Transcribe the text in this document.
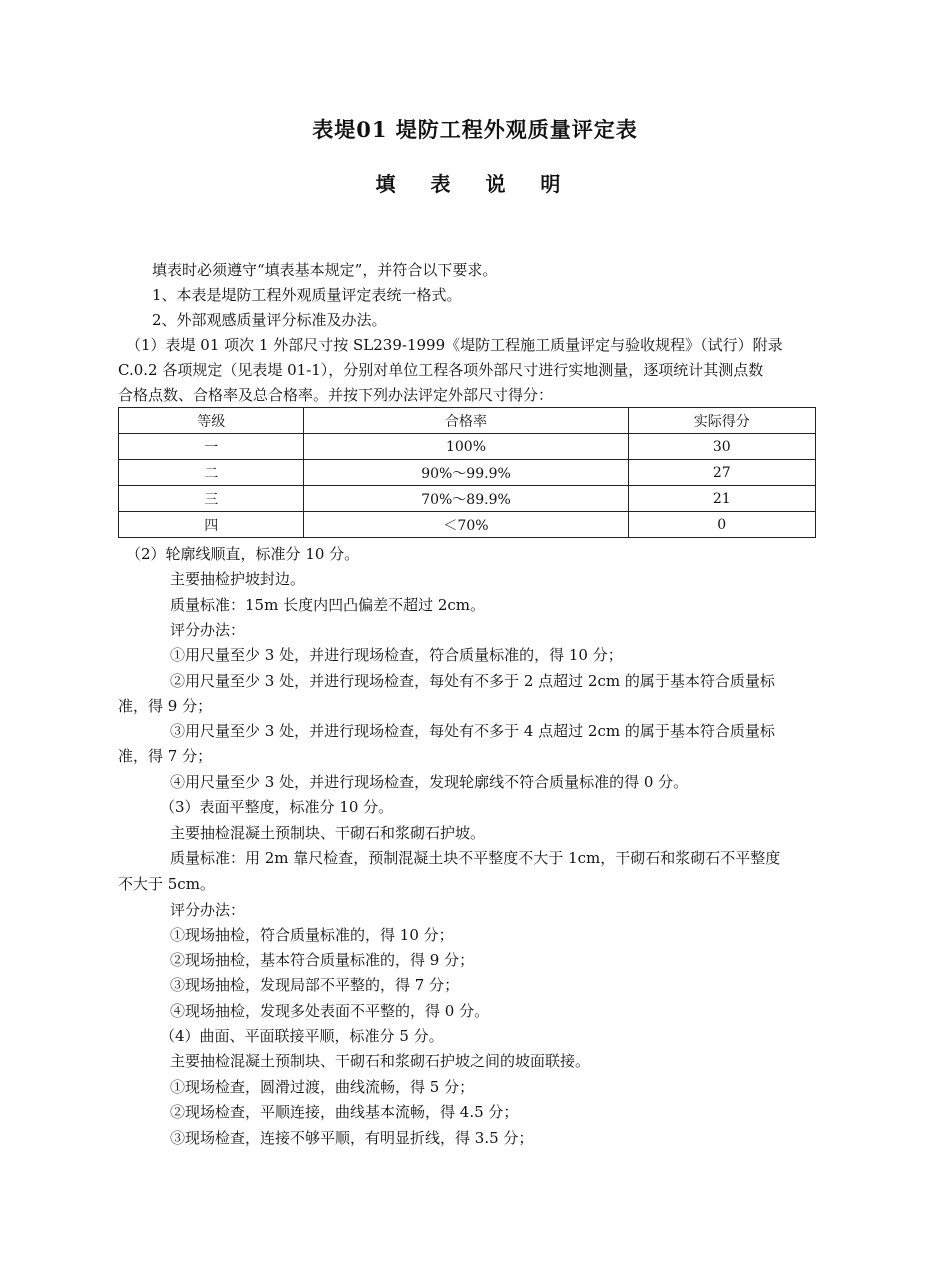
表堤01 堤防工程外观质量评定表
填 表 说 明
填表时必须遵守“填表基本规定”，并符合以下要求。
1、本表是堤防工程外观质量评定表统一格式。
2、外部观感质量评分标准及办法。
（1）表堤 01 项次 1 外部尺寸按 SL239-1999《堤防工程施工质量评定与验收规程》（试行）附录
C.0.2 各项规定（见表堤 01-1），分别对单位工程各项外部尺寸进行实地测量，逐项统计其测点数
合格点数、合格率及总合格率。并按下列办法评定外部尺寸得分：
等级	合格率	实际得分
一	100%	30
二	90%～99.9%	27
三	70%～89.9%	21
四	＜70%	0
（2）轮廓线顺直，标准分 10 分。
主要抽检护坡封边。
质量标准：15m 长度内凹凸偏差不超过 2cm。
评分办法：
①用尺量至少 3 处，并进行现场检查，符合质量标准的，得 10 分；
②用尺量至少 3 处，并进行现场检查，每处有不多于 2 点超过 2cm 的属于基本符合质量标
准，得 9 分；
③用尺量至少 3 处，并进行现场检查，每处有不多于 4 点超过 2cm 的属于基本符合质量标
准，得 7 分；
④用尺量至少 3 处，并进行现场检查，发现轮廓线不符合质量标准的得 0 分。
（3）表面平整度，标准分 10 分。
主要抽检混凝土预制块、干砌石和浆砌石护坡。
质量标准：用 2m 靠尺检查，预制混凝土块不平整度不大于 1cm，干砌石和浆砌石不平整度
不大于 5cm。
评分办法：
①现场抽检，符合质量标准的，得 10 分；
②现场抽检，基本符合质量标准的，得 9 分；
③现场抽检，发现局部不平整的，得 7 分；
④现场抽检，发现多处表面不平整的，得 0 分。
（4）曲面、平面联接平顺，标准分 5 分。
主要抽检混凝土预制块、干砌石和浆砌石护坡之间的坡面联接。
①现场检查，圆滑过渡，曲线流畅，得 5 分；
②现场检查，平顺连接，曲线基本流畅，得 4.5 分；
③现场检查，连接不够平顺，有明显折线，得 3.5 分；
